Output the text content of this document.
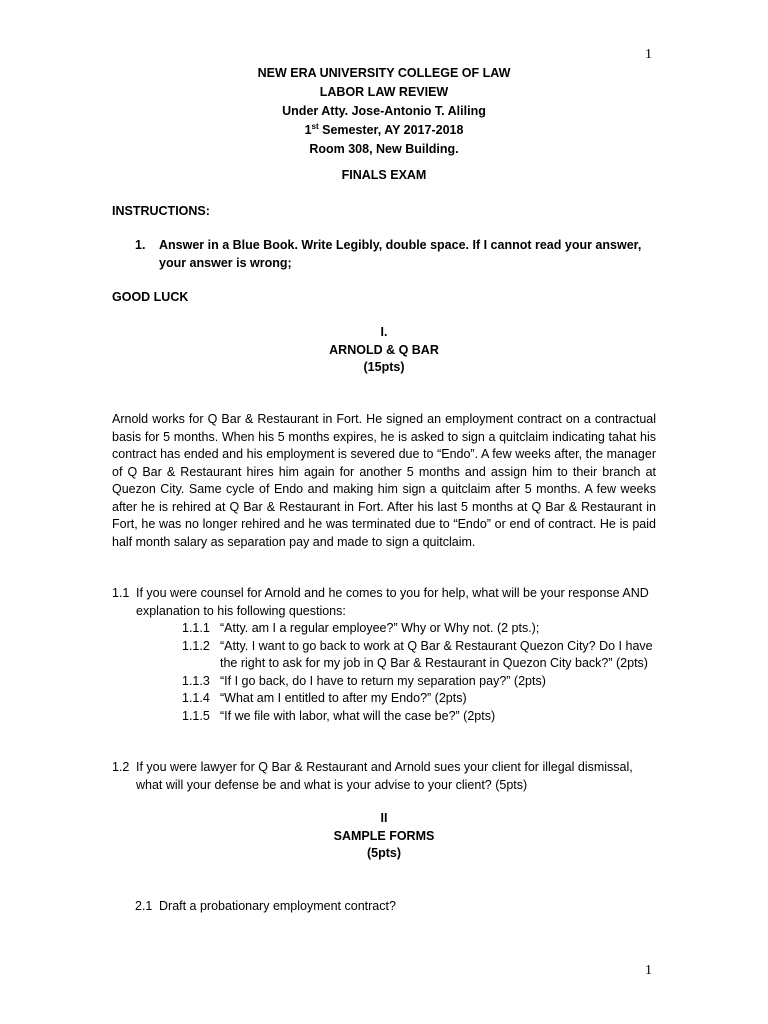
1
NEW ERA UNIVERSITY COLLEGE OF LAW
LABOR LAW REVIEW
Under Atty. Jose-Antonio T. Aliling
1st Semester, AY 2017-2018
Room 308, New Building.
FINALS EXAM
INSTRUCTIONS:
1.	Answer in a Blue Book. Write Legibly, double space. If I cannot read your answer, your answer is wrong;
GOOD LUCK
I.
ARNOLD & Q BAR
(15pts)
Arnold works for Q Bar & Restaurant in Fort. He signed an employment contract on a contractual basis for 5 months. When his 5 months expires, he is asked to sign a quitclaim indicating tahat his contract has ended and his employment is severed due to “Endo”. A few weeks after, the manager of Q Bar & Restaurant hires him again for another 5 months and assign him to their branch at Quezon City. Same cycle of Endo and making him sign a quitclaim after 5 months. A few weeks after he is rehired at Q Bar & Restaurant in Fort. After his last 5 months at Q Bar & Restaurant in Fort, he was no longer rehired and he was terminated due to “Endo” or end of contract. He is paid half month salary as separation pay and made to sign a quitclaim.
1.1 If you were counsel for Arnold and he comes to you for help, what will be your response AND explanation to his following questions:
1.1.1 “Atty. am I a regular employee?” Why or Why not. (2 pts.);
1.1.2 “Atty. I want to go back to work at Q Bar & Restaurant Quezon City? Do I have the right to ask for my job in Q Bar & Restaurant in Quezon City back?” (2pts)
1.1.3 “If I go back, do I have to return my separation pay?” (2pts)
1.1.4 “What am I entitled to after my Endo?” (2pts)
1.1.5 “If we file with labor, what will the case be?” (2pts)
1.2 If you were lawyer for Q Bar & Restaurant and Arnold sues your client for illegal dismissal, what will your defense be and what is your advise to your client? (5pts)
II
SAMPLE FORMS
(5pts)
2.1 Draft a probationary employment contract?
1
